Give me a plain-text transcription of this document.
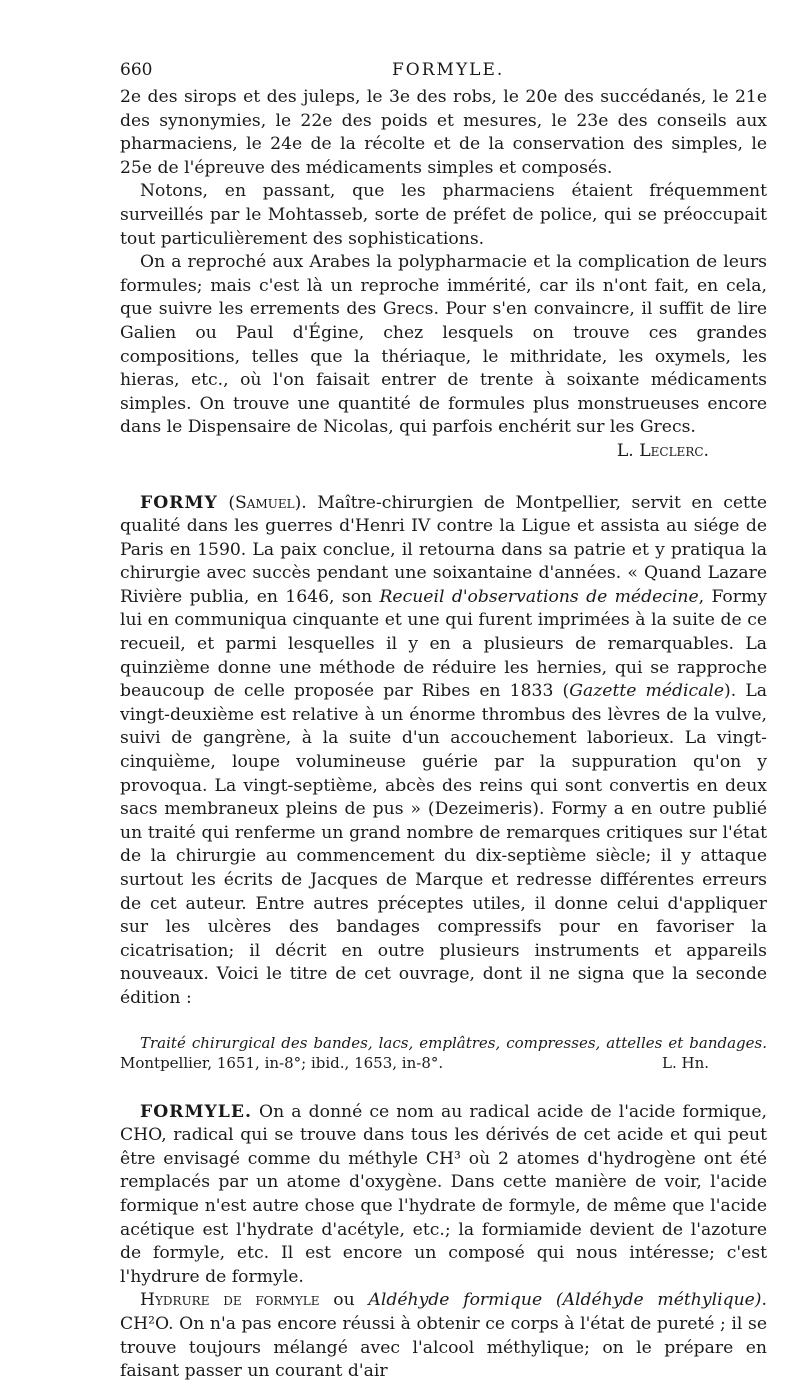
660	FORMYLE.

2e des sirops et des juleps, le 3e des robs, le 20e des succédanés, le 21e des synonymies, le 22e des poids et mesures, le 23e des conseils aux pharmaciens, le 24e de la récolte et de la conservation des simples, le 25e de l'épreuve des médicaments simples et composés.

Notons, en passant, que les pharmaciens étaient fréquemment surveillés par le Mohtasseb, sorte de préfet de police, qui se préoccupait tout particulièrement des sophistications.

On a reproché aux Arabes la polypharmacie et la complication de leurs formules; mais c'est là un reproche immérité, car ils n'ont fait, en cela, que suivre les errements des Grecs. Pour s'en convaincre, il suffit de lire Galien ou Paul d'Égine, chez lesquels on trouve ces grandes compositions, telles que la thériaque, le mithridate, les oxymels, les hieras, etc., où l'on faisait entrer de trente à soixante médicaments simples. On trouve une quantité de formules plus monstrueuses encore dans le Dispensaire de Nicolas, qui parfois enchérit sur les Grecs.

L. Leclerc.

FORMY (Samuel). Maître-chirurgien de Montpellier, servit en cette qualité dans les guerres d'Henri IV contre la Ligue et assista au siége de Paris en 1590. La paix conclue, il retourna dans sa patrie et y pratiqua la chirurgie avec succès pendant une soixantaine d'années. « Quand Lazare Rivière publia, en 1646, son Recueil d'observations de médecine, Formy lui en communiqua cinquante et une qui furent imprimées à la suite de ce recueil, et parmi lesquelles il y en a plusieurs de remarquables. La quinzième donne une méthode de réduire les hernies, qui se rapproche beaucoup de celle proposée par Ribes en 1833 (Gazette médicale). La vingt-deuxième est relative à un énorme thrombus des lèvres de la vulve, suivi de gangrène, à la suite d'un accouchement laborieux. La vingt-cinquième, loupe volumineuse guérie par la suppuration qu'on y provoqua. La vingt-septième, abcès des reins qui sont convertis en deux sacs membraneux pleins de pus » (Dezeimeris). Formy a en outre publié un traité qui renferme un grand nombre de remarques critiques sur l'état de la chirurgie au commencement du dix-septième siècle; il y attaque surtout les écrits de Jacques de Marque et redresse différentes erreurs de cet auteur. Entre autres préceptes utiles, il donne celui d'appliquer sur les ulcères des bandages compressifs pour en favoriser la cicatrisation; il décrit en outre plusieurs instruments et appareils nouveaux. Voici le titre de cet ouvrage, dont il ne signa que la seconde édition :

Traité chirurgical des bandes, lacs, emplâtres, compresses, attelles et bandages. Montpellier, 1651, in-8°; ibid., 1653, in-8°.	L. Hn.

FORMYLE. On a donné ce nom au radical acide de l'acide formique, CHO, radical qui se trouve dans tous les dérivés de cet acide et qui peut être envisagé comme du méthyle CH³ où 2 atomes d'hydrogène ont été remplacés par un atome d'oxygène. Dans cette manière de voir, l'acide formique n'est autre chose que l'hydrate de formyle, de même que l'acide acétique est l'hydrate d'acétyle, etc.; la formiamide devient de l'azoture de formyle, etc. Il est encore un composé qui nous intéresse; c'est l'hydrure de formyle.

Hydrure de formyle ou Aldéhyde formique (Aldéhyde méthylique). CH²O. On n'a pas encore réussi à obtenir ce corps à l'état de pureté ; il se trouve toujours mélangé avec l'alcool méthylique; on le prépare en faisant passer un courant d'air
